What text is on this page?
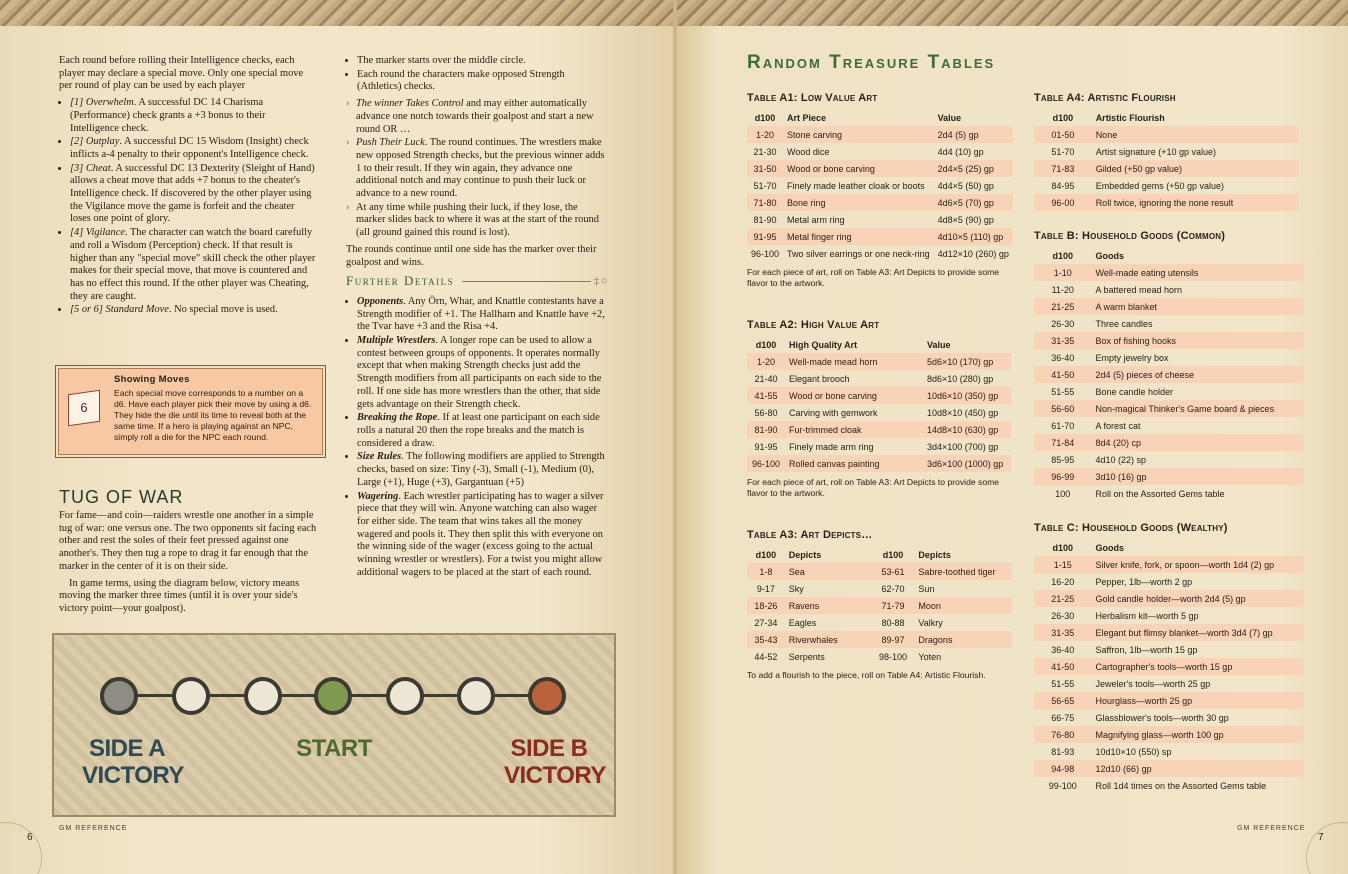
Each round before rolling their Intelligence checks, each player may declare a special move. Only one special move per round of play can be used by each player

• [1] Overwhelm. A successful DC 14 Charisma (Performance) check grants a +3 bonus to their Intelligence check.
• [2] Outplay. A successful DC 15 Wisdom (Insight) check inflicts a-4 penalty to their opponent's Intelligence check.
• [3] Cheat. A successful DC 13 Dexterity (Sleight of Hand) allows a cheat move that adds +7 bonus to the cheater's Intelligence check. If discovered by the other player using the Vigilance move the game is forfeit and the cheater loses one point of glory.
• [4] Vigilance. The character can watch the board carefully and roll a Wisdom (Perception) check. If that result is higher than any "special move" skill check the other player makes for their special move, that move is countered and has no effect this round. If the other player was Cheating, they are caught.
• [5 or 6] Standard Move. No special move is used.
6
Showing Moves
Each special move corresponds to a number on a d6. Have each player pick their move by using a d6. They hide the die until its time to reveal both at the same time. If a hero is playing against an NPC, simply roll a die for the NPC each round.
TUG OF WAR

For fame—and coin—raiders wrestle one another in a simple tug of war: one versus one. The two opponents sit facing each other and rest the soles of their feet pressed against one another's. They then tug a rope to drag it far enough that the marker in the center of it is on their side.

In game terms, using the diagram below, victory means moving the marker three times (until it is over your side's victory point—your goalpost).

• The marker starts over the middle circle.
• Each round the characters make opposed Strength (Athletics) checks.
› The winner Takes Control and may either automatically advance one notch towards their goalpost and start a new round OR …
› Push Their Luck. The round continues. The wrestlers make new opposed Strength checks, but the previous winner adds 1 to their result. If they win again, they advance one additional notch and may continue to push their luck or advance to a new round.
› At any time while pushing their luck, if they lose, the marker slides back to where it was at the start of the round (all ground gained this round is lost).

The rounds continue until one side has the marker over their goalpost and wins.

Further Details	‡○
• Opponents. Any Örn, Whar, and Knattle contestants have a Strength modifier of +1. The Hallharn and Knattle have +2, the Tvar have +3 and the Risa +4.
• Multiple Wrestlers. A longer rope can be used to allow a contest between groups of opponents. It operates normally except that when making Strength checks just add the Strength modifiers from all participants on each side to the roll. If one side has more wrestlers than the other, that side gets advantage on their Strength check.
• Breaking the Rope. If at least one participant on each side rolls a natural 20 then the rope breaks and the match is considered a draw.
• Size Rules. The following modifiers are applied to Strength checks, based on size: Tiny (-3), Small (-1), Medium (0), Large (+1), Huge (+3), Gargantuan (+5)
• Wagering. Each wrestler participating has to wager a silver piece that they will win. Anyone watching can also wager for either side. The team that wins takes all the money wagered and pools it. They then split this with everyone on the winning side of the wager (excess going to the actual winning wrestler or wrestlers). For a twist you might allow additional wagers to be placed at the start of each round.
SIDE A VICTORY
START	SIDE B VICTORY
GM REFERENCE
6
Random Treasure Tables
Table A1: Low Value Art
d100	Art Piece	Value
1-20	Stone carving	2d4 (5) gp
21-30	Wood dice	4d4 (10) gp
31-50	Wood or bone carving	2d4×5 (25) gp
51-70	Finely made leather cloak or boots	4d4×5 (50) gp
71-80	Bone ring	4d6×5 (70) gp
81-90	Metal arm ring	4d8×5 (90) gp
91-95	Metal finger ring	4d10×5 (110) gp
96-100	Two silver earrings or one neck-ring	4d12×10 (260) gp
For each piece of art, roll on Table A3: Art Depicts to provide some flavor to the artwork.
Table A2: High Value Art
d100	High Quality Art	Value
1-20	Well-made mead horn	5d6×10 (170) gp
21-40	Elegant brooch	8d6×10 (280) gp
41-55	Wood or bone carving	10d6×10 (350) gp
56-80	Carving with gemwork	10d8×10 (450) gp
81-90	Fur-trimmed cloak	14d8×10 (630) gp
91-95	Finely made arm ring	3d4×100 (700) gp
96-100	Rolled canvas painting	3d6×100 (1000) gp
For each piece of art, roll on Table A3: Art Depicts to provide some flavor to the artwork.
Table A3: Art Depicts…
d100	Depicts	d100	Depicts
1-8	Sea	53-61	Sabre-toothed tiger
9-17	Sky	62-70	Sun
18-26	Ravens	71-79	Moon
27-34	Eagles	80-88	Valkry
35-43	Riverwhales	89-97	Dragons
44-52	Serpents	98-100	Yoten
To add a flourish to the piece, roll on Table A4: Artistic Flourish.
Table A4: Artistic Flourish
d100	Artistic Flourish
01-50	None
51-70	Artist signature (+10 gp value)
71-83	Gilded (+50 gp value)
84-95	Embedded gems (+50 gp value)
96-00	Roll twice, ignoring the none result
Table B: Household Goods (Common)
d100	Goods
1-10	Well-made eating utensils
11-20	A battered mead horn
21-25	A warm blanket
26-30	Three candles
31-35	Box of fishing hooks
36-40	Empty jewelry box
41-50	2d4 (5) pieces of cheese
51-55	Bone candle holder
56-60	Non-magical Thinker's Game board & pieces
61-70	A forest cat
71-84	8d4 (20) cp
85-95	4d10 (22) sp
96-99	3d10 (16) gp
100	Roll on the Assorted Gems table
Table C: Household Goods (Wealthy)
d100	Goods
1-15	Silver knife, fork, or spoon—worth 1d4 (2) gp
16-20	Pepper, 1lb—worth 2 gp
21-25	Gold candle holder—worth 2d4 (5) gp
26-30	Herbalism kit—worth 5 gp
31-35	Elegant but flimsy blanket—worth 3d4 (7) gp
36-40	Saffron, 1lb—worth 15 gp
41-50	Cartographer's tools—worth 15 gp
51-55	Jeweler's tools—worth 25 gp
56-65	Hourglass—worth 25 gp
66-75	Glassblower's tools—worth 30 gp
76-80	Magnifying glass—worth 100 gp
81-93	10d10×10 (550) sp
94-98	12d10 (66) gp
99-100	Roll 1d4 times on the Assorted Gems table
GM REFERENCE
7
